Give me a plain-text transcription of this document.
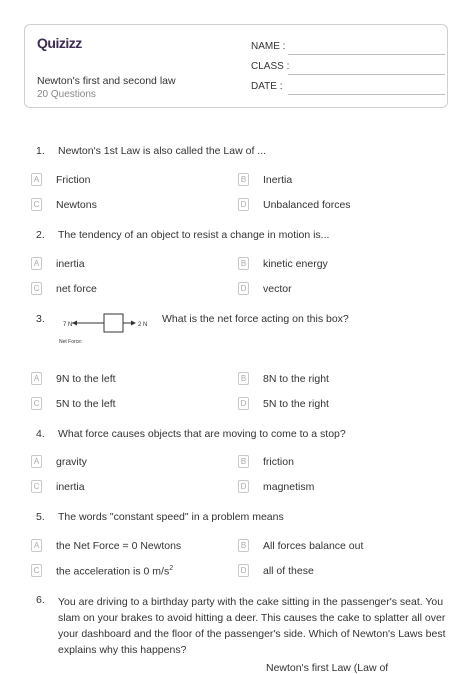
Quizizz
Newton's first and second law
20 Questions
NAME :
CLASS :
DATE :
1. Newton's 1st Law is also called the Law of ...
A Friction	B Inertia
C Newtons	D Unbalanced forces
2. The tendency of an object to resist a change in motion is...
A inertia	B kinetic energy
C net force	D vector
3.	7 N	2 N
Net Force:
What is the net force acting on this box?
A 9N to the left	B 8N to the right
C 5N to the left	D 5N to the right
4. What force causes objects that are moving to come to a stop?
A gravity	B friction
C inertia	D magnetism
5. The words "constant speed" in a problem means
A the Net Force = 0 Newtons	B All forces balance out
C the acceleration is 0 $m/s^2$	D all of these
6. You are driving to a birthday party with the cake sitting in the passenger's seat. You slam on your brakes to avoid hitting a deer. This causes the cake to splatter all over your dashboard and the floor of the passenger's side. Which of Newton's Laws best explains why this happens?
Newton's first Law (Law of
